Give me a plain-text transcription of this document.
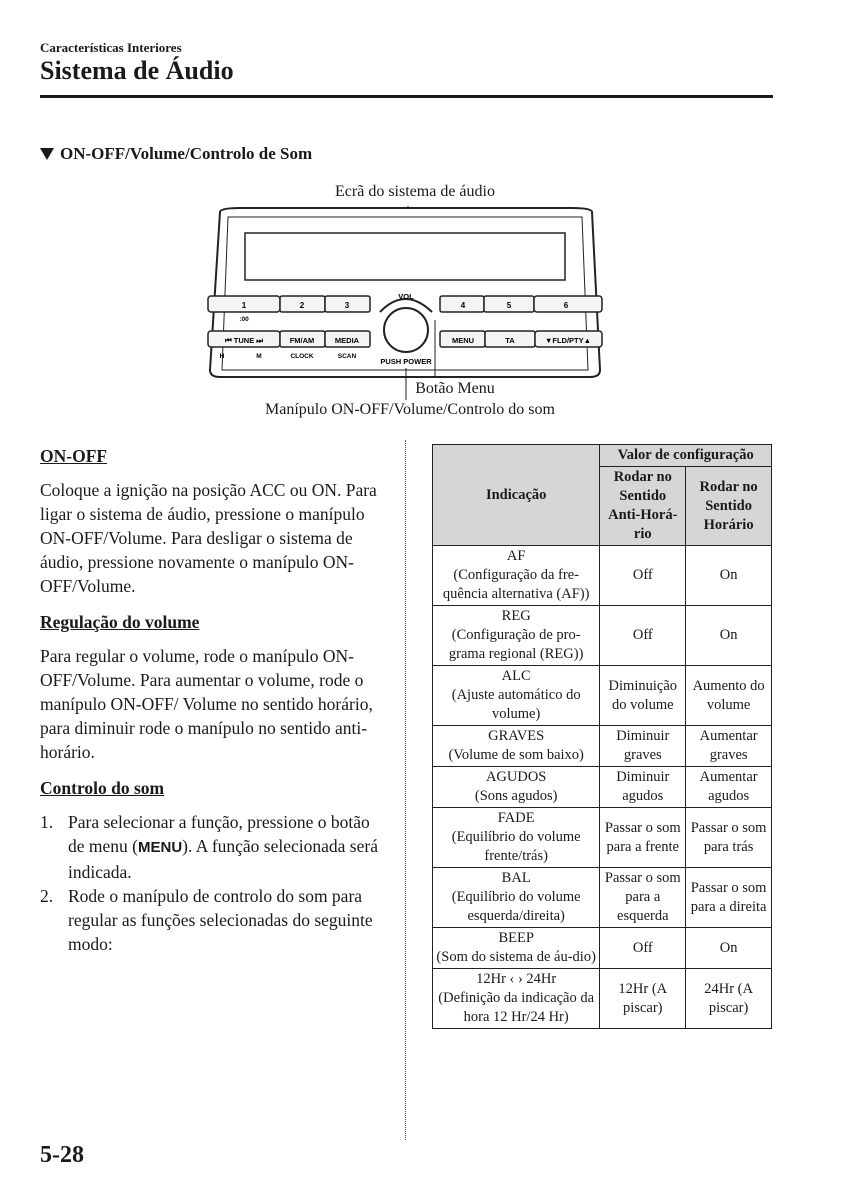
Características Interiores
Sistema de Áudio
ON-OFF/Volume/Controlo de Som
Ecrã do sistema de áudio
Botão Menu
Manípulo ON-OFF/Volume/Controlo do som
1	2	3
:00
4	5	6
⏮ TUNE ⏭	FM/AM	MEDIA
H	M	CLOCK	SCAN
MENU	TA	▼FLD/PTY▲
VOL
PUSH POWER
ON-OFF

Coloque a ignição na posição ACC ou ON. Para ligar o sistema de áudio, pressione o manípulo ON-OFF/Volume. Para desligar o sistema de áudio, pressione novamente o manípulo ON-OFF/Volume.

Regulação do volume

Para regular o volume, rode o manípulo ON-OFF/Volume. Para aumentar o volume, rode o manípulo ON-OFF/ Volume no sentido horário, para diminuir rode o manípulo no sentido anti-horário.

Controlo do som
1. Para selecionar a função, pressione o botão de menu (MENU). A função selecionada será indicada.
2. Rode o manípulo de controlo do som para regular as funções selecionadas do seguinte modo:
Indicação	Valor de configuração	
	Rodar no Sentido Anti-Horá-rio	Rodar no Sentido Horário

AF
(Configuração da fre-quência alternativa (AF))	Off	On

REG
(Configuração de pro-grama regional (REG))	Off	On

ALC
(Ajuste automático do volume)	Diminuição do volume	Aumento do volume

GRAVES
(Volume de som baixo)	Diminuir graves	Aumentar graves

AGUDOS
(Sons agudos)	Diminuir agudos	Aumentar agudos

FADE
(Equilíbrio do volume frente/trás)	Passar o som para a frente	Passar o som para trás

BAL
(Equilíbrio do volume esquerda/direita)	Passar o som para a esquerda	Passar o som para a direita

BEEP
(Som do sistema de áu-dio)	Off	On

12Hr ‹ › 24Hr
(Definição da indicação da hora 12 Hr/24 Hr)	12Hr (A piscar)	24Hr (A piscar)
5-28
